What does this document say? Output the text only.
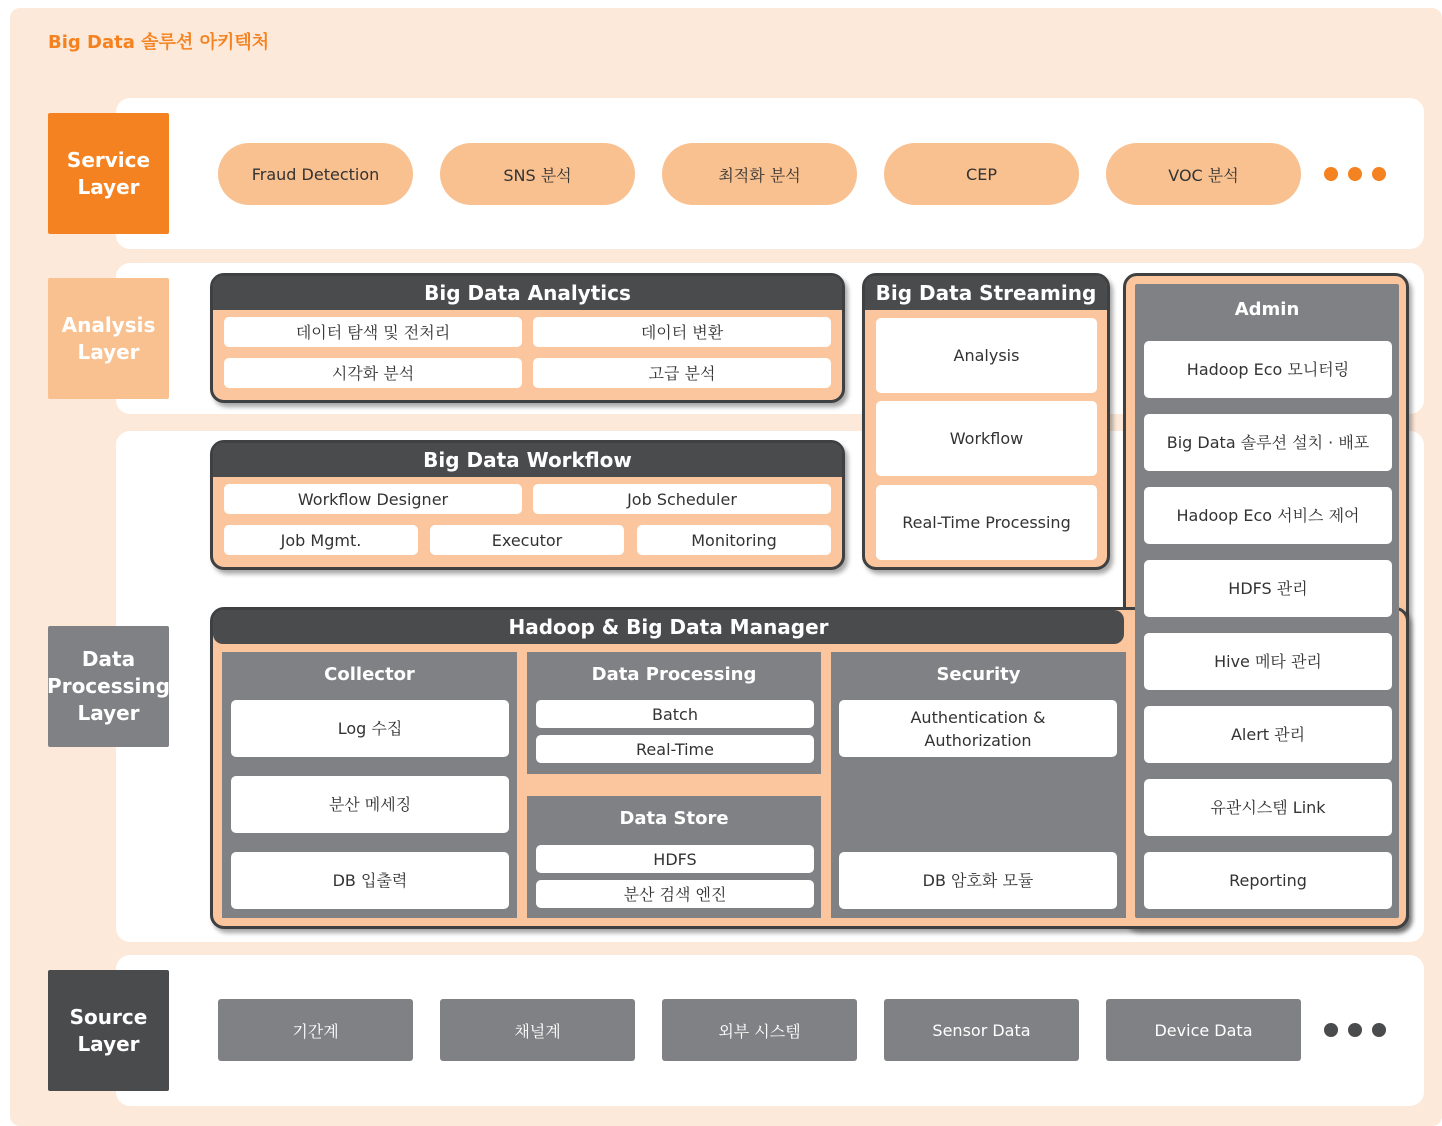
Big Data 솔루션 아키텍처
Service
Layer
Analysis
Layer
Data
Processing
Layer
Source
Layer
Fraud Detection	SNS 분석	최적화 분석	CEP	VOC 분석
기간계	채널계	외부 시스템	Sensor Data	Device Data
Big Data Analytics
데이터 탐색 및 전처리	데이터 변환
시각화 분석	고급 분석
Big Data Workflow
Workflow Designer	Job Scheduler
Job Mgmt.	Executor	Monitoring
Big Data Streaming
Analysis
Workflow
Real-Time Processing
Hadoop & Big Data Manager
Admin
Hadoop Eco 모니터링
Big Data 솔루션 설치 · 배포
Hadoop Eco 서비스 제어
HDFS 관리
Hive 메타 관리
Alert 관리
유관시스템 Link
Reporting
Collector
Log 수집
분산 메세징
DB 입출력
Data Processing
Batch
Real-Time
Data Store
HDFS
분산 검색 엔진
Security
Authentication &
Authorization
DB 암호화 모듈
